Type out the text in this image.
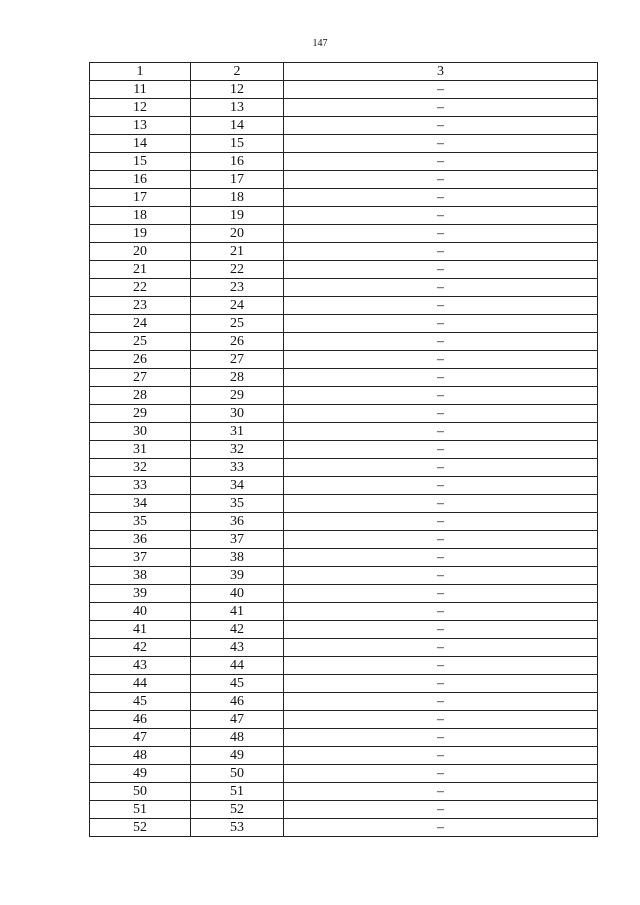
147
1	2	3
11	12	–
12	13	–
13	14	–
14	15	–
15	16	–
16	17	–
17	18	–
18	19	–
19	20	–
20	21	–
21	22	–
22	23	–
23	24	–
24	25	–
25	26	–
26	27	–
27	28	–
28	29	–
29	30	–
30	31	–
31	32	–
32	33	–
33	34	–
34	35	–
35	36	–
36	37	–
37	38	–
38	39	–
39	40	–
40	41	–
41	42	–
42	43	–
43	44	–
44	45	–
45	46	–
46	47	–
47	48	–
48	49	–
49	50	–
50	51	–
51	52	–
52	53	–
